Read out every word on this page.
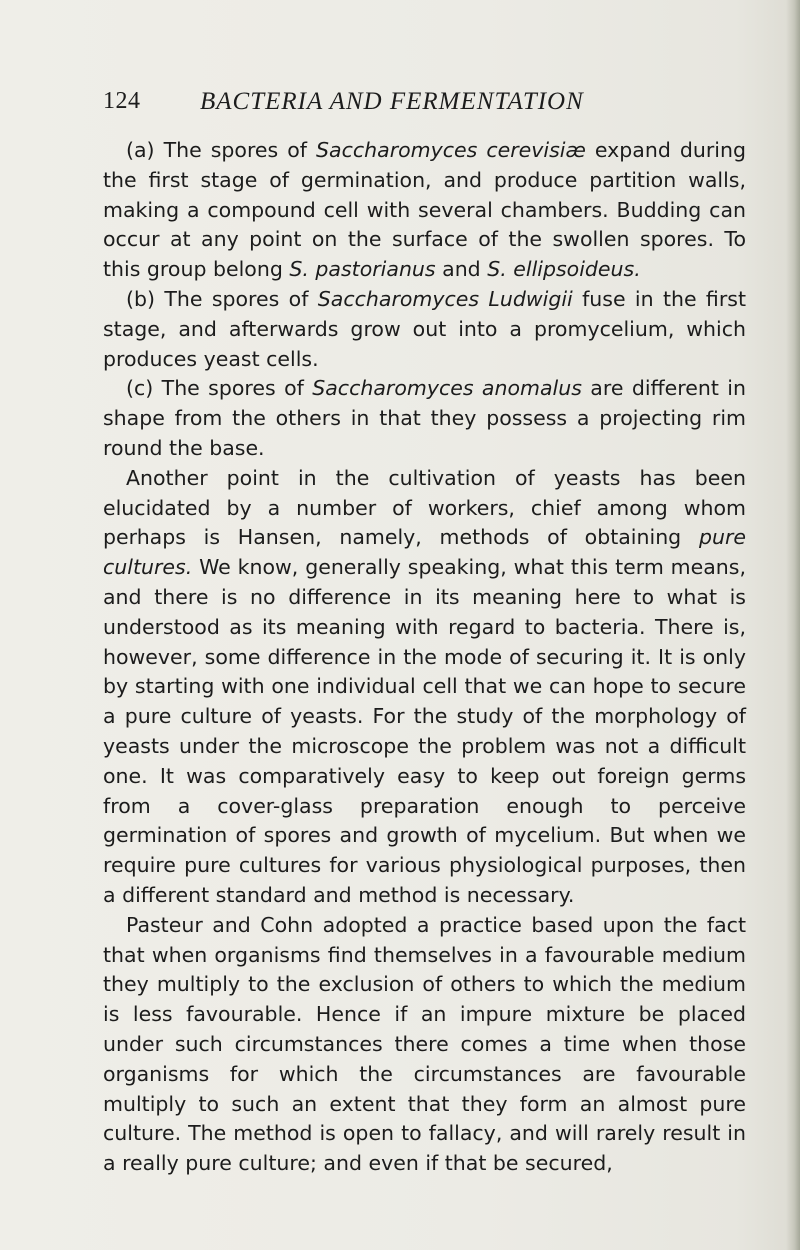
124 BACTERIA AND FERMENTATION

(a) The spores of Saccharomyces cerevisiæ expand during the first stage of germination, and produce partition walls, making a compound cell with several chambers. Budding can occur at any point on the surface of the swollen spores. To this group belong S. pastorianus and S. ellipsoideus.

(b) The spores of Saccharomyces Ludwigii fuse in the first stage, and afterwards grow out into a promycelium, which produces yeast cells.

(c) The spores of Saccharomyces anomalus are different in shape from the others in that they possess a projecting rim round the base.

Another point in the cultivation of yeasts has been elucidated by a number of workers, chief among whom perhaps is Hansen, namely, methods of obtaining pure cultures. We know, generally speaking, what this term means, and there is no difference in its meaning here to what is understood as its meaning with regard to bacteria. There is, however, some difference in the mode of securing it. It is only by starting with one individual cell that we can hope to secure a pure culture of yeasts. For the study of the morphology of yeasts under the microscope the problem was not a difficult one. It was comparatively easy to keep out foreign germs from a cover-glass preparation enough to perceive germination of spores and growth of mycelium. But when we require pure cultures for various physiological purposes, then a different standard and method is necessary.

Pasteur and Cohn adopted a practice based upon the fact that when organisms find themselves in a favourable medium they multiply to the exclusion of others to which the medium is less favourable. Hence if an impure mixture be placed under such circumstances there comes a time when those organisms for which the circumstances are favourable multiply to such an extent that they form an almost pure culture. The method is open to fallacy, and will rarely result in a really pure culture; and even if that be secured,
